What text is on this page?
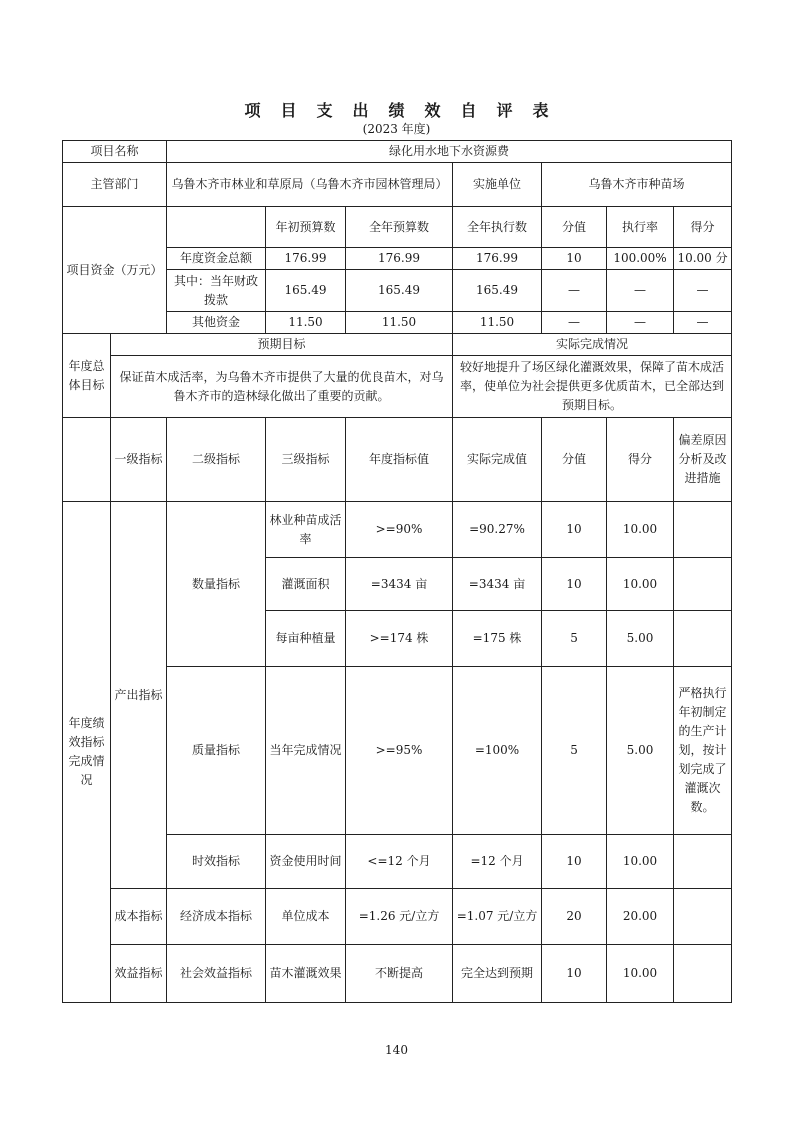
项目支出绩效自评表
(2023 年度)
项目名称		绿化用水地下水资源费						
主管部门		乌鲁木齐市林业和草原局（乌鲁木齐市园林管理局）			实施单位	乌鲁木齐市种苗场		
项目资金（万元）			年初预算数	全年预算数	全年执行数	分值	执行率	得分
		年度资金总额	176.99	176.99	176.99	10	100.00%	10.00 分
		其中：当年财政拨款	165.49	165.49	165.49	—	—	—
		其他资金	11.50	11.50	11.50	—	—	—
年度总体目标	预期目标				实际完成情况			
	保证苗木成活率，为乌鲁木齐市提供了大量的优良苗木，对乌鲁木齐市的造林绿化做出了重要的贡献。				较好地提升了场区绿化灌溉效果，保障了苗木成活率，使单位为社会提供更多优质苗木，已全部达到预期目标。			
	一级指标	二级指标	三级指标	年度指标值	实际完成值	分值	得分	偏差原因分析及改进措施
年度绩效指标完成情况	产出指标	数量指标	林业种苗成活率	>=90%	=90.27%	10	10.00	
			灌溉面积	=3434 亩	=3434 亩	10	10.00	
			每亩种植量	>=174 株	=175 株	5	5.00	
		质量指标	当年完成情况	>=95%	=100%	5	5.00	严格执行年初制定的生产计划，按计划完成了灌溉次数。
		时效指标	资金使用时间	<=12 个月	=12 个月	10	10.00	
	成本指标	经济成本指标	单位成本	=1.26 元/立方	=1.07 元/立方	20	20.00	
	效益指标	社会效益指标	苗木灌溉效果	不断提高	完全达到预期	10	10.00	
140
